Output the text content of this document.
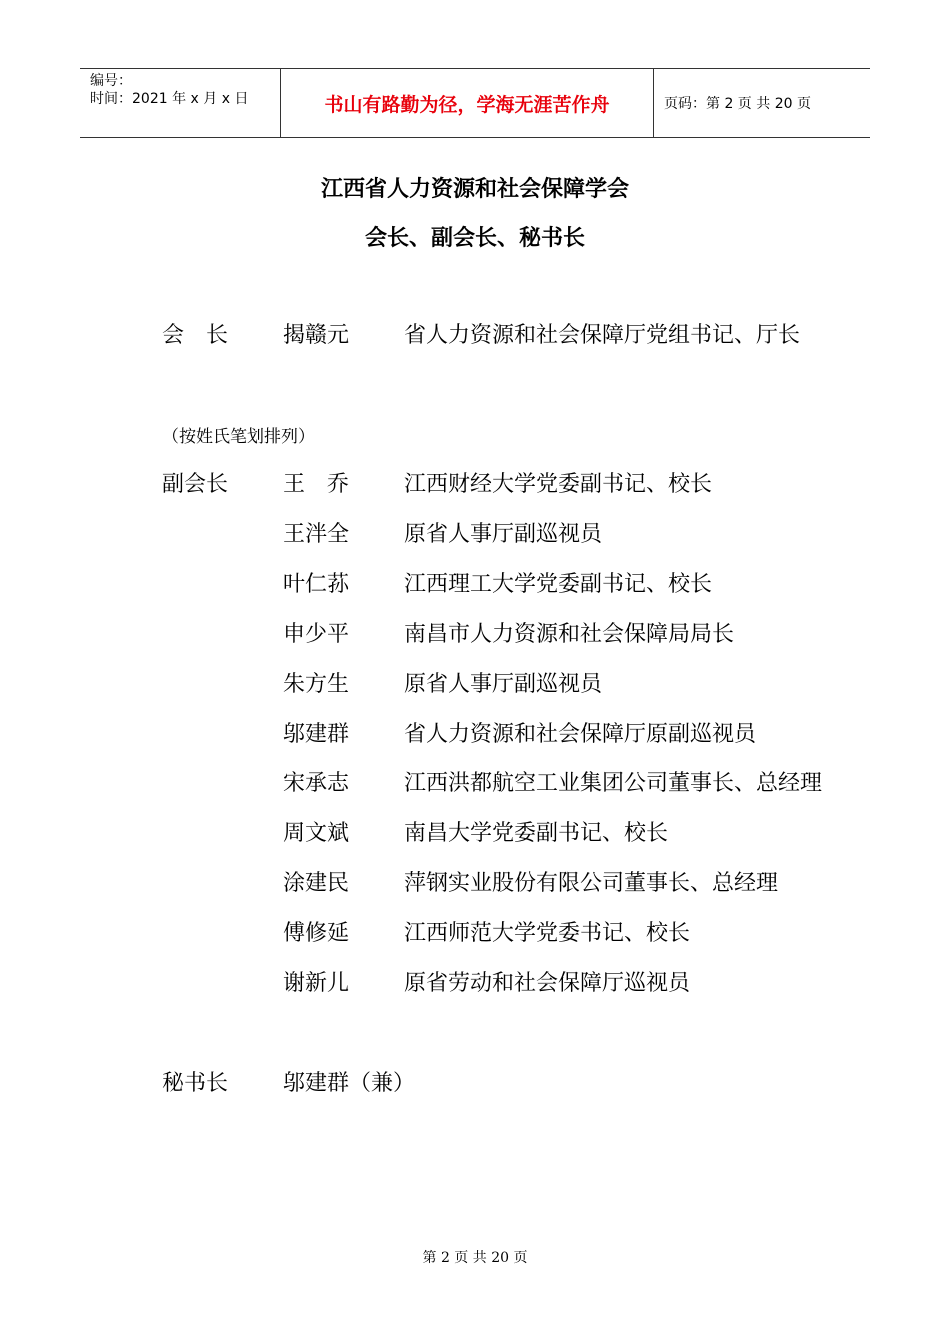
编号：
时间：2021 年 x 月 x 日	书山有路勤为径，学海无涯苦作舟	页码：第 2 页 共 20 页
江西省人力资源和社会保障学会
会长、副会长、秘书长
会　长 揭赣元 省人力资源和社会保障厅党组书记、厅长
（按姓氏笔划排列）
副会长 王　乔 江西财经大学党委副书记、校长
王泮全 原省人事厅副巡视员
叶仁荪 江西理工大学党委副书记、校长
申少平 南昌市人力资源和社会保障局局长
朱方生 原省人事厅副巡视员
邬建群 省人力资源和社会保障厅原副巡视员
宋承志 江西洪都航空工业集团公司董事长、总经理
周文斌 南昌大学党委副书记、校长
涂建民 萍钢实业股份有限公司董事长、总经理
傅修延 江西师范大学党委书记、校长
谢新儿 原省劳动和社会保障厅巡视员
秘书长 邬建群（兼）
第 2 页 共 20 页
